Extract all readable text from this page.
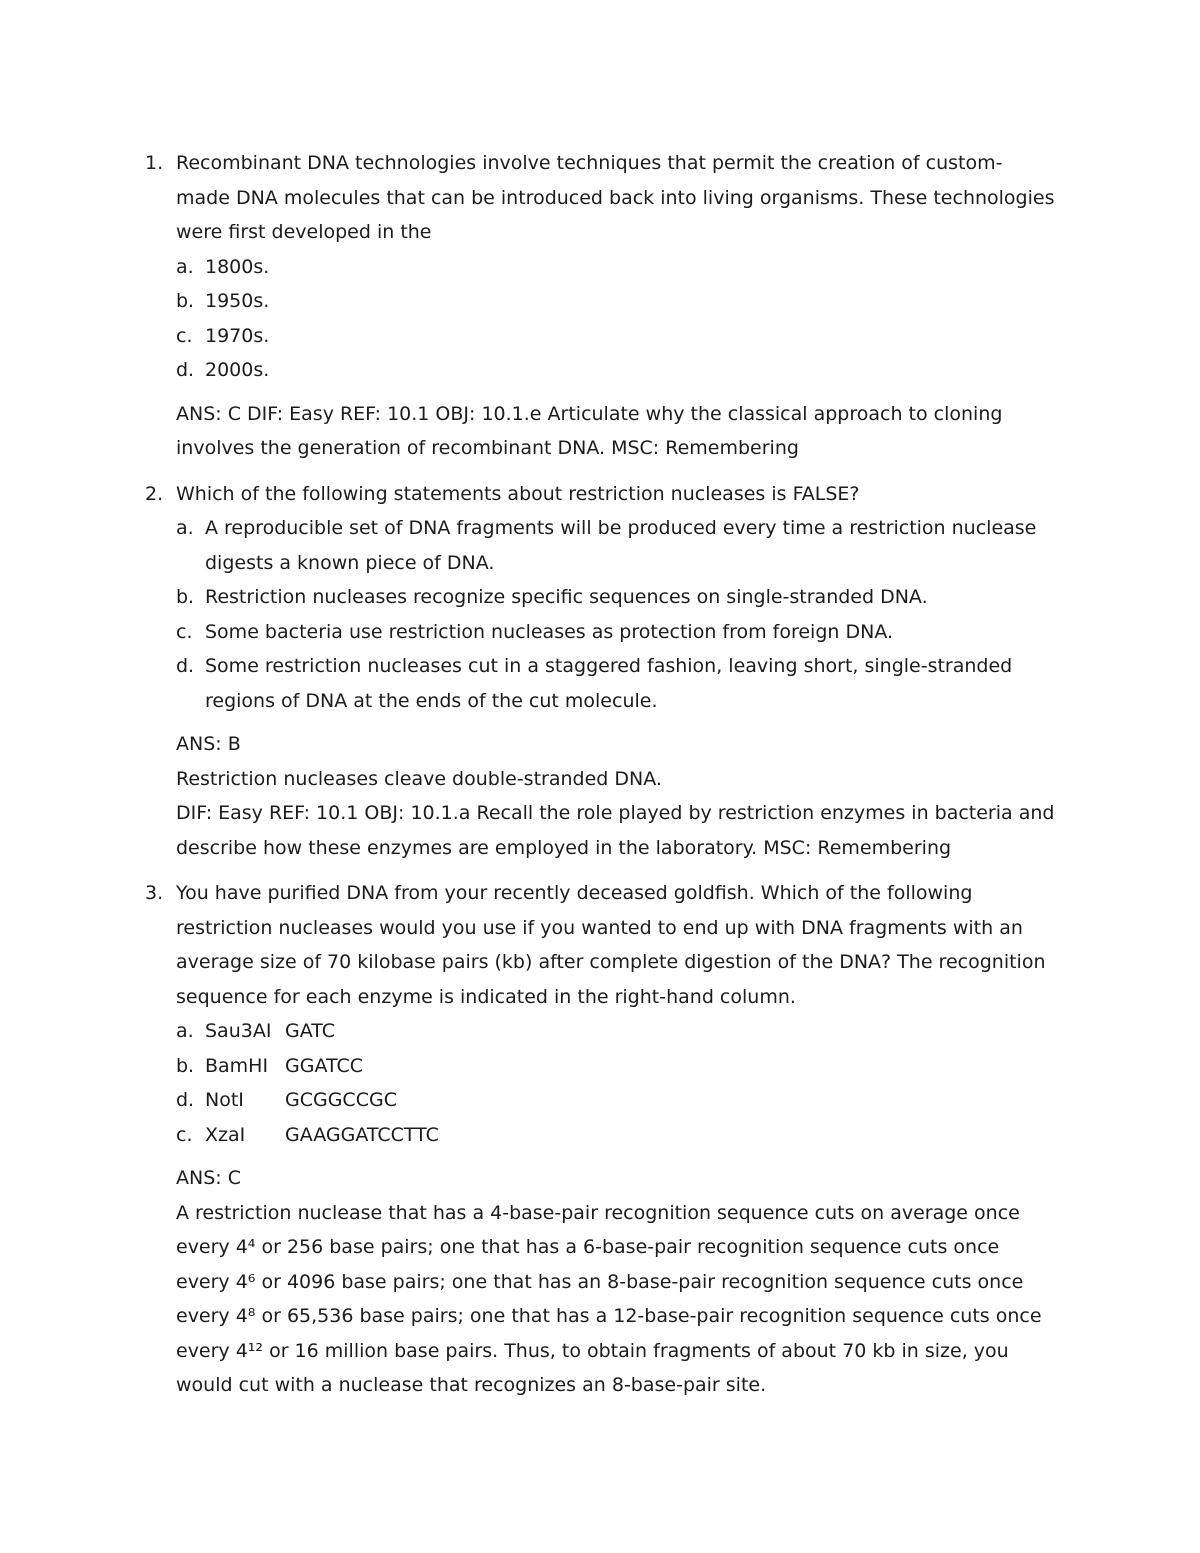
1. Recombinant DNA technologies involve techniques that permit the creation of custom-made DNA molecules that can be introduced back into living organisms. These technologies were first developed in the

a. 1800s.

b. 1950s.

c. 1970s.

d. 2000s.

ANS: C DIF: Easy REF: 10.1 OBJ: 10.1.e Articulate why the classical approach to cloning involves the generation of recombinant DNA. MSC: Remembering

2. Which of the following statements about restriction nucleases is FALSE?

a. A reproducible set of DNA fragments will be produced every time a restriction nuclease digests a known piece of DNA.

b. Restriction nucleases recognize specific sequences on single-stranded DNA.

c. Some bacteria use restriction nucleases as protection from foreign DNA.

d. Some restriction nucleases cut in a staggered fashion, leaving short, single-stranded regions of DNA at the ends of the cut molecule.

ANS: B

Restriction nucleases cleave double-stranded DNA.

DIF: Easy REF: 10.1 OBJ: 10.1.a Recall the role played by restriction enzymes in bacteria and describe how these enzymes are employed in the laboratory. MSC: Remembering

3. You have purified DNA from your recently deceased goldfish. Which of the following restriction nucleases would you use if you wanted to end up with DNA fragments with an average size of 70 kilobase pairs (kb) after complete digestion of the DNA? The recognition sequence for each enzyme is indicated in the right-hand column.

a. Sau3AI GATC
b. BamHI GGATCC
d. NotI	GCGGCCGC
c. XzaI	GAAGGATCCTTC

ANS: C

A restriction nuclease that has a 4-base-pair recognition sequence cuts on average once every 4⁴ or 256 base pairs; one that has a 6-base-pair recognition sequence cuts once every 4⁶ or 4096 base pairs; one that has an 8-base-pair recognition sequence cuts once every 4⁸ or 65,536 base pairs; one that has a 12-base-pair recognition sequence cuts once every 4¹² or 16 million base pairs. Thus, to obtain fragments of about 70 kb in size, you would cut with a nuclease that recognizes an 8-base-pair site.
